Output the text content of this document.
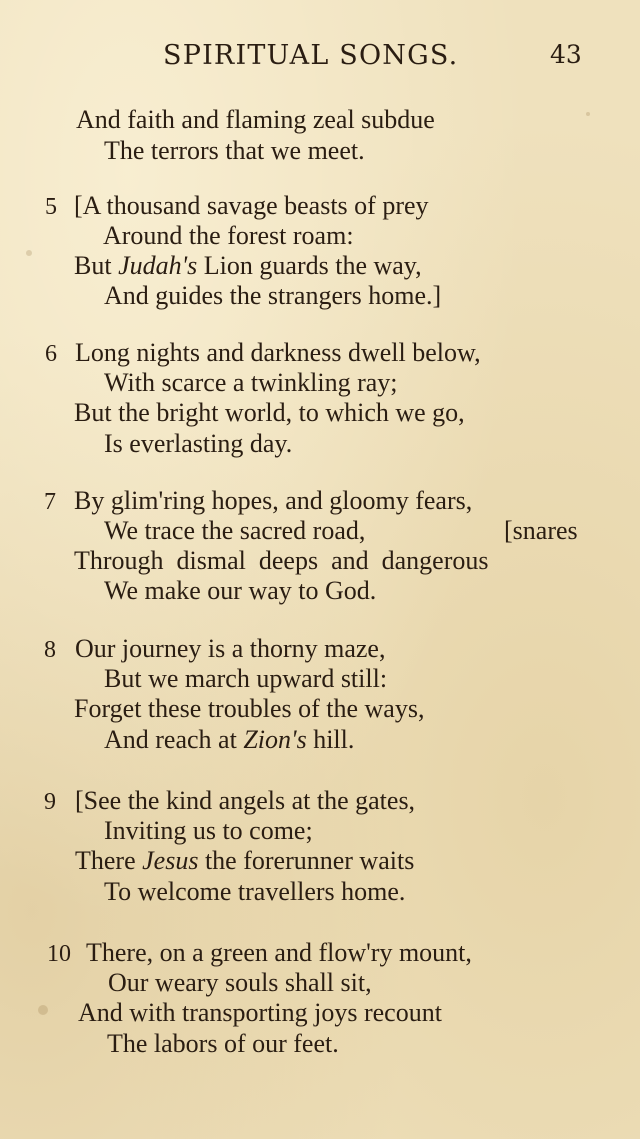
SPIRITUAL SONGS.	43
And faith and flaming zeal subdue
The terrors that we meet.
5 [A thousand savage beasts of prey
Around the forest roam:
But Judah's Lion guards the way,
And guides the strangers home.]
6 Long nights and darkness dwell below,
With scarce a twinkling ray;
But the bright world, to which we go,
Is everlasting day.
7 By glim'ring hopes, and gloomy fears,
We trace the sacred road,	[snares
Through  dismal  deeps  and  dangerous
We make our way to God.
8 Our journey is a thorny maze,
But we march upward still:
Forget these troubles of the ways,
And reach at Zion's hill.
9 [See the kind angels at the gates,
Inviting us to come;
There Jesus the forerunner waits
To welcome travellers home.
10 There, on a green and flow'ry mount,
Our weary souls shall sit,
And with transporting joys recount
The labors of our feet.
